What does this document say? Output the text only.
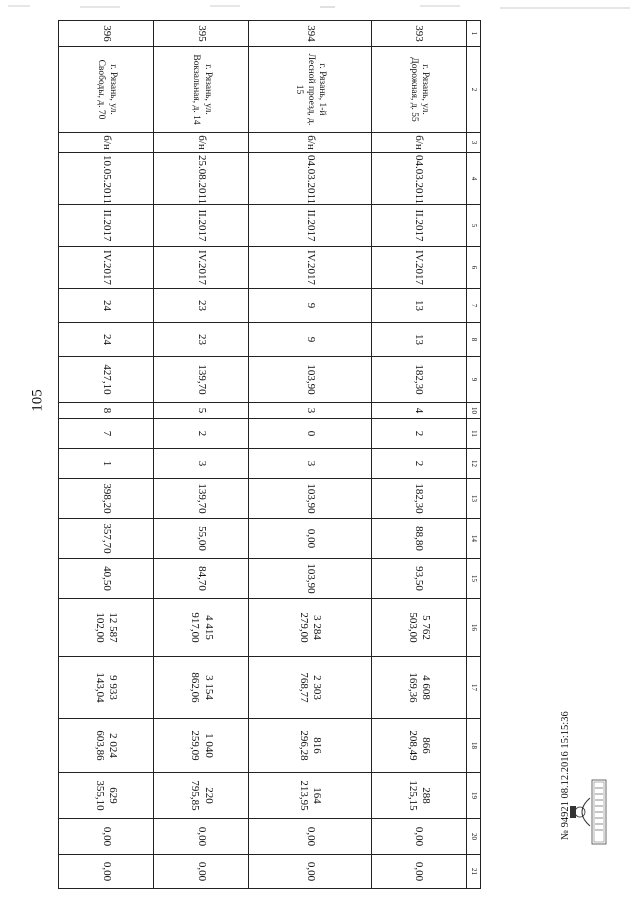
105
1	2	3	4	5	6	7	8	9	10	11	12	13	14	15	16	17	18	19	20	21
393	г. Рязань, ул. Дорожная, д. 55	б/н	04.03.2011	II.2017	IV.2017	13	13	182,30	4	2	2	182,30	88,80	93,50	5 762 503,00	4 608 169,36	866 208,49	288 125,15	0,00	0,00
394	г. Рязань, 1-й Лесной проезд, д. 15	б/н	04.03.2011	II.2017	IV.2017	9	9	103,90	3	0	3	103,90	0,00	103,90	3 284 279,00	2 303 768,77	816 296,28	164 213,95	0,00	0,00
395	г. Рязань, ул. Вокзальная, д. 14	б/н	25.08.2011	II.2017	IV.2017	23	23	139,70	5	2	3	139,70	55,00	84,70	4 415 917,00	3 154 862,06	1 040 259,09	220 795,85	0,00	0,00
396	г. Рязань, ул. Свободы, д. 70	б/н	10.05.2011	II.2017	IV.2017	24	24	427,10	8	7	1	398,20	357,70	40,50	12 587 102,00	9 933 143,04	2 024 603,86	629 355,10	0,00	0,00
№ 94921 08.12.2016 15:15:36
